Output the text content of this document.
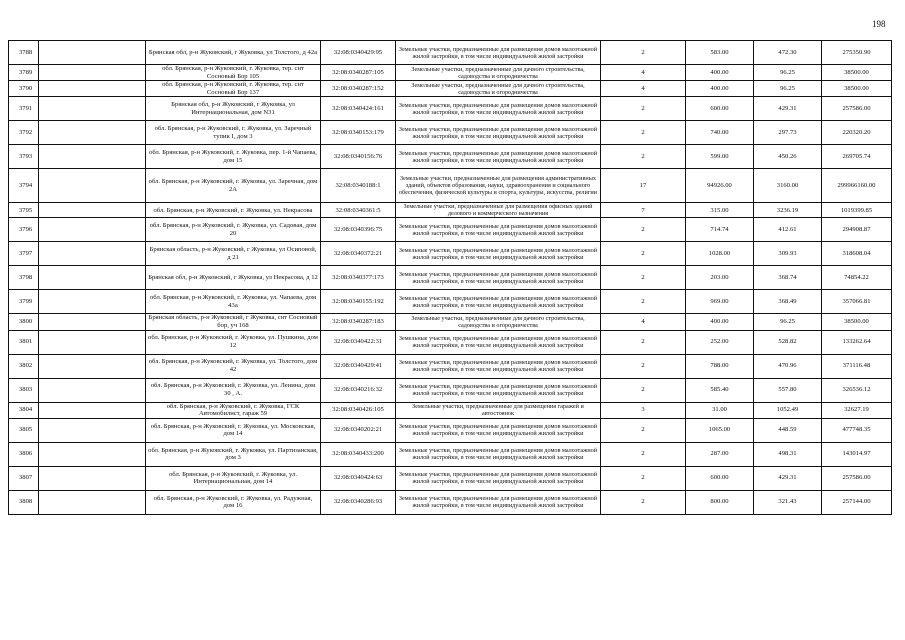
198
3788		Брянская обл, р-н Жуковский, г Жуковка, ул Толстого, д 42а	32:08:0340429:95	Земельные участки, предназначенные для размещения домов малоэтажной жилой застройки, в том числе индивидуальной жилой застройки	2	583.00	472.30	275350.90
3789		обл. Брянская, р-н Жуковский, г. Жуковка, тер. снт Сосновый Бор 105	32:08:0340287:105	Земельные участки, предназначенные для дачного строительства, садоводства и огородничества	4	400.00	96.25	38500.00
3790		обл. Брянская, р-н Жуковский, г. Жуковка, тер. снт Сосновый Бор 137	32:08:0340287:152	Земельные участки, предназначенные для дачного строительства, садоводства и огородничества	4	400.00	96.25	38500.00
3791		Брянская обл, р-н Жуковский, г Жуковка, ул Интернациональная, дом N31	32:08:0340424:161	Земельные участки, предназначенные для размещения домов малоэтажной жилой застройки, в том числе индивидуальной жилой застройки	2	600.00	429.31	257586.00
3792		обл. Брянская, р-н Жуковский, г. Жуковка, ул. Заречный тупик I, дом 3	32:08:0340153:179	Земельные участки, предназначенные для размещения домов малоэтажной жилой застройки, в том числе индивидуальной жилой застройки	2	740.00	297.73	220320.20
3793		обл. Брянская, р-н Жуковский, г. Жуковка, пер. 1-й Чапаева, дом 15	32:08:0340156:76	Земельные участки, предназначенные для размещения домов малоэтажной жилой застройки, в том числе индивидуальной жилой застройки	2	599.00	450.26	269705.74
3794		обл. Брянская, р-н Жуковский, г. Жуковка, ул. Заречная, дом 2А	32:08:0340188:1	Земельные участки, предназначенные для размещения административных зданий, объектов образования, науки, здравоохранения и социального обеспечения, физической культуры и спорта, культуры, искусства, религии	17	94926.00	3160.00	299966160.00
3795		обл. Брянская, р-н Жуковский, г. Жуковка, ул. Некрасова	32:08:0340361:5	Земельные участки, предназначенные для размещения офисных зданий делового и коммерческого назначения	7	315.00	3236.19	1019399.85
3796		обл. Брянская, р-н Жуковский, г. Жуковка, ул. Садовая, дом 20	32:08:0340396:75	Земельные участки, предназначенные для размещения домов малоэтажной жилой застройки, в том числе индивидуальной жилой застройки	2	714.74	412.61	294908.87
3797		Брянская область, р-н Жуковский, г Жуковка, ул Осиповой, д 21	32:08:0340372:21	Земельные участки, предназначенные для размещения домов малоэтажной жилой застройки, в том числе индивидуальной жилой застройки	2	1028.00	309.93	318608.04
3798		Брянская обл, р-н Жуковский, г Жуковка, ул Некрасова, д 12	32:08:0340377:173	Земельные участки, предназначенные для размещения домов малоэтажной жилой застройки, в том числе индивидуальной жилой застройки	2	203.00	368.74	74854.22
3799		обл. Брянская, р-н Жуковский, г. Жуковка, ул. Чапаева, дом 43а	32:08:0340155:192	Земельные участки, предназначенные для размещения домов малоэтажной жилой застройки, в том числе индивидуальной жилой застройки	2	969.00	368.49	357066.81
3800		Брянская область, р-н Жуковский, г Жуковка, снт Сосновый бор, уч 168	32:08:0340287:183	Земельные участки, предназначенные для дачного строительства, садоводства и огородничества	4	400.00	96.25	38500.00
3801		обл. Брянская, р-н Жуковский, г. Жуковка, ул. Пушкина, дом 12	32:08:0340422:31	Земельные участки, предназначенные для размещения домов малоэтажной жилой застройки, в том числе индивидуальной жилой застройки	2	252.00	528.82	133262.64
3802		обл. Брянская, р-н Жуковский, г. Жуковка, ул. Толстого, дом 42	32:08:0340429:41	Земельные участки, предназначенные для размещения домов малоэтажной жилой застройки, в том числе индивидуальной жилой застройки	2	788.00	470.96	371116.48
3803		обл. Брянская, р-н Жуковский, г. Жуковка, ул. Ленина, дом 30 , А.	32:08:0340216:32	Земельные участки, предназначенные для размещения домов малоэтажной жилой застройки, в том числе индивидуальной жилой застройки	2	585.40	557.80	326536.12
3804		обл. Брянская, р-н Жуковский, г. Жуковка, ГСК Автомобилист, гараж 59	32:08:0340426:105	Земельные участки, предназначенные для размещения гаражей и автостоянок	3	31.00	1052.49	32627.19
3805		обл. Брянская, р-н Жуковский, г. Жуковка, ул. Московская, дом 14	32:08:0340202:21	Земельные участки, предназначенные для размещения домов малоэтажной жилой застройки, в том числе индивидуальной жилой застройки	2	1065.00	448.59	477748.35
3806		обл. Брянская, р-н Жуковский, г. Жуковка, ул. Партизанская, дом 3	32:08:0340433:200	Земельные участки, предназначенные для размещения домов малоэтажной жилой застройки, в том числе индивидуальной жилой застройки	2	287.00	498.31	143014.97
3807		обл. Брянская, р-н Жуковский, г. Жуковка, ул. Интернациональная, дом 14	32:08:0340424:63	Земельные участки, предназначенные для размещения домов малоэтажной жилой застройки, в том числе индивидуальной жилой застройки	2	600.00	429.31	257586.00
3808		обл. Брянская, р-н Жуковский, г. Жуковка, ул. Радужная, дом 16	32:08:0340286:93	Земельные участки, предназначенные для размещения домов малоэтажной жилой застройки, в том числе индивидуальной жилой застройки	2	800.00	321.43	257144.00
